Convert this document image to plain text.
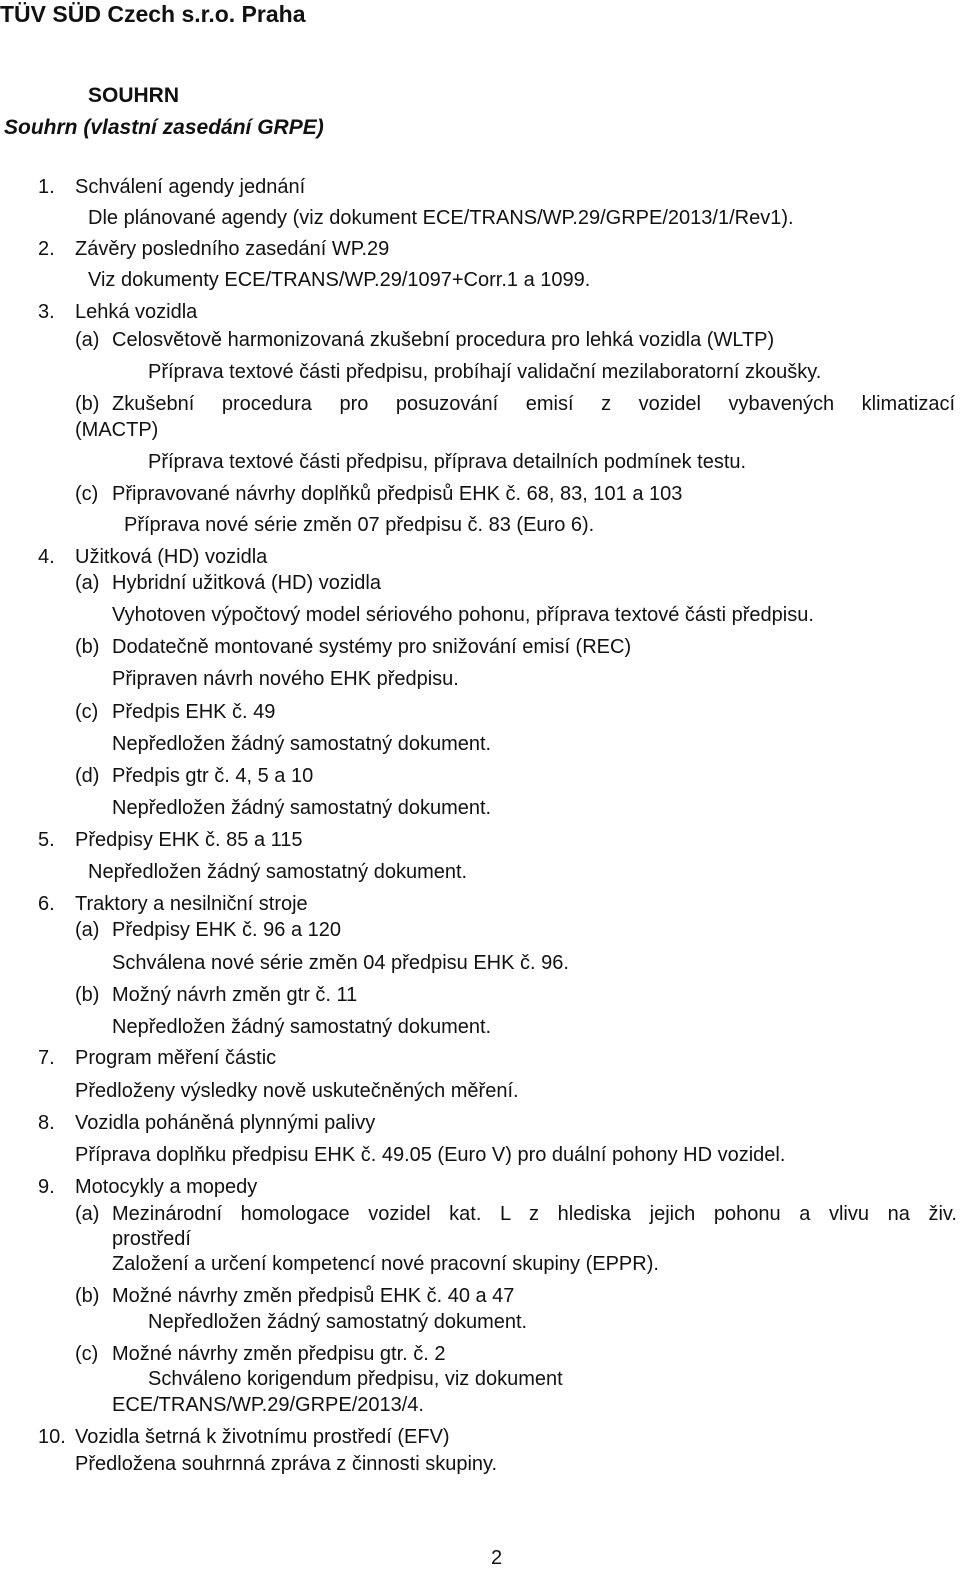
TÜV SÜD Czech s.r.o. Praha
SOUHRN
Souhrn (vlastní zasedání GRPE)
1. Schválení agendy jednání
Dle plánované agendy (viz dokument ECE/TRANS/WP.29/GRPE/2013/1/Rev1).
2. Závěry posledního zasedání WP.29
Viz dokumenty ECE/TRANS/WP.29/1097+Corr.1 a 1099.
3. Lehká vozidla
(a) Celosvětově harmonizovaná zkušební procedura pro lehká vozidla (WLTP)
Příprava textové části předpisu, probíhají validační mezilaboratorní zkoušky.
(b) Zkušební procedura pro posuzování emisí z vozidel vybavených klimatizací
(MACTP)
Příprava textové části předpisu, příprava detailních podmínek testu.
(c) Připravované návrhy doplňků předpisů EHK č. 68, 83, 101 a 103
Příprava nové série změn 07 předpisu č. 83 (Euro 6).
4. Užitková (HD) vozidla
(a) Hybridní užitková (HD) vozidla
Vyhotoven výpočtový model sériového pohonu, příprava textové části předpisu.
(b) Dodatečně montované systémy pro snižování emisí (REC)
Připraven návrh nového EHK předpisu.
(c) Předpis EHK č. 49
Nepředložen žádný samostatný dokument.
(d) Předpis gtr č. 4, 5 a 10
Nepředložen žádný samostatný dokument.
5. Předpisy EHK č. 85 a 115
Nepředložen žádný samostatný dokument.
6. Traktory a nesilniční stroje
(a) Předpisy EHK č. 96 a 120
Schválena nové série změn 04 předpisu EHK č. 96.
(b) Možný návrh změn gtr č. 11
Nepředložen žádný samostatný dokument.
7. Program měření částic
Předloženy výsledky nově uskutečněných měření.
8. Vozidla poháněná plynnými palivy
Příprava doplňku předpisu EHK č. 49.05 (Euro V) pro duální pohony HD vozidel.
9. Motocykly a mopedy
(a) Mezinárodní homologace vozidel kat. L z hlediska jejich pohonu a vlivu na živ.
prostředí
Založení a určení kompetencí nové pracovní skupiny (EPPR).
(b) Možné návrhy změn předpisů EHK č. 40 a 47
Nepředložen žádný samostatný dokument.
(c) Možné návrhy změn předpisu gtr. č. 2
Schváleno korigendum předpisu, viz dokument
ECE/TRANS/WP.29/GRPE/2013/4.
10. Vozidla šetrná k životnímu prostředí (EFV)
Předložena souhrnná zpráva z činnosti skupiny.
2
